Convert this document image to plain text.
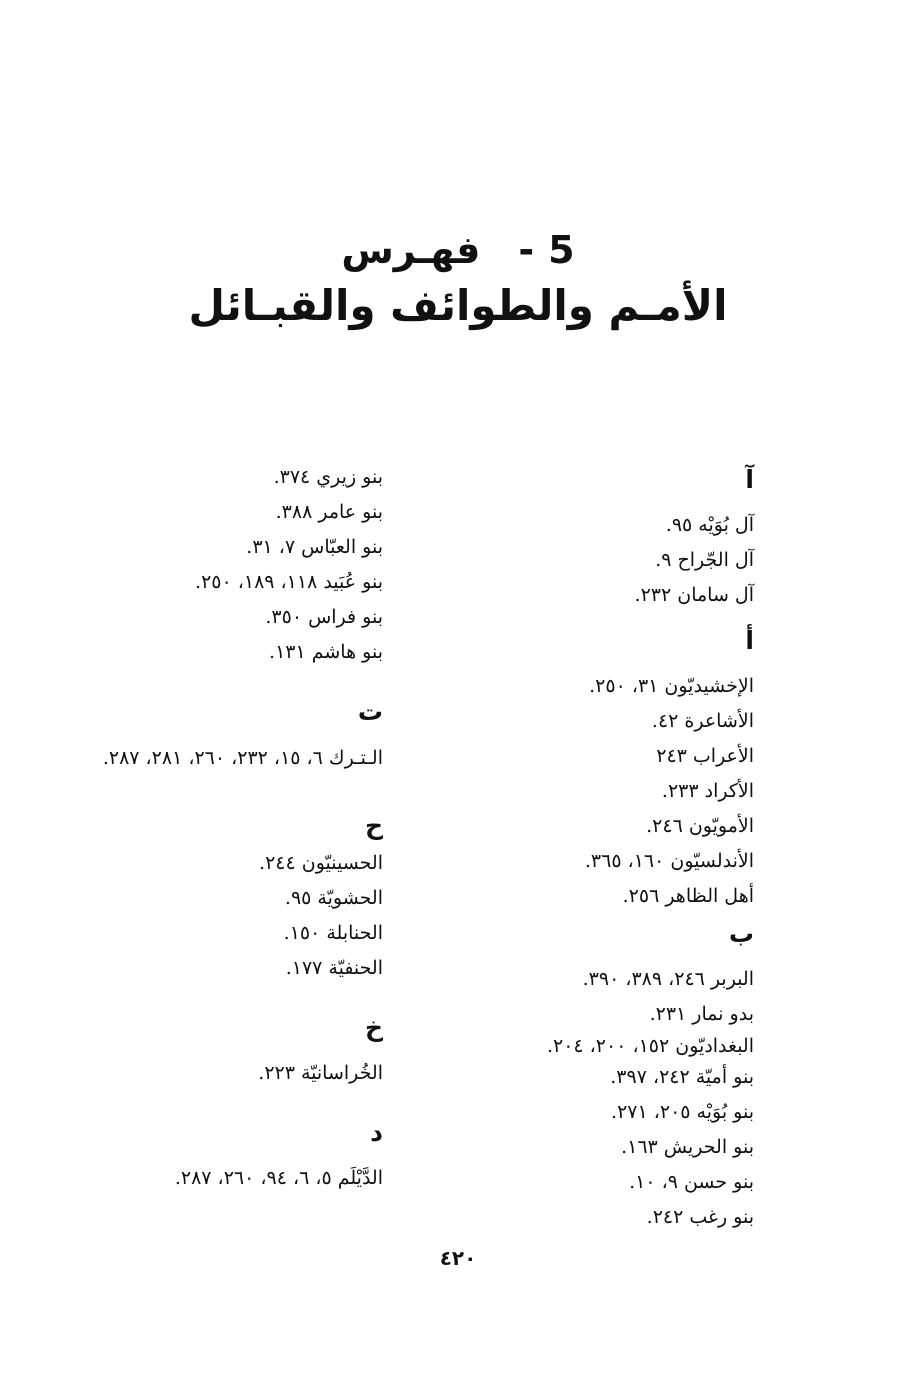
5-فهـرس
الأمـم والطوائف والقبـائل
آ
آل بُوَيْه ٩٥.
آل الجّراح ٩.
آل سامان ٢٣٢.
أ
الإخشيديّون ٣١، ٢٥٠.
الأشاعرة ٤٢.
الأعراب ٢٤٣
الأكراد ٢٣٣.
الأمويّون ٢٤٦.
الأندلسيّون ١٦٠، ٣٦٥.
أهل الظاهر ٢٥٦.
ب
البربر ٢٤٦، ٣٨٩، ٣٩٠.
بدو نمار ٢٣١.
البغداديّون ١٥٢، ٢٠٠، ٢٠٤.
بنو أميّة ٢٤٢، ٣٩٧.
بنو بُوَيْه ٢٠٥، ٢٧١.
بنو الحريش ١٦٣.
بنو حسن ٩، ١٠.
بنو رغب ٢٤٢.
بنو زيري ٣٧٤.
بنو عامر ٣٨٨.
بنو العبّاس ٧، ٣١.
بنو عُبَيد ١١٨، ١٨٩، ٢٥٠.
بنو فراس ٣٥٠.
بنو هاشم ١٣١.
ت
الـتـرك ٦، ١٥، ٢٣٢، ٢٦٠، ٢٨١، ٢٨٧.
ح
الحسينيّون ٢٤٤.
الحشويّة ٩٥.
الحنابلة ١٥٠.
الحنفيّة ١٧٧.
خ
الخُراسانيّة ٢٢٣.
د
الدَّيْلَم ٥، ٦، ٩٤، ٢٦٠، ٢٨٧.
٤٢٠
